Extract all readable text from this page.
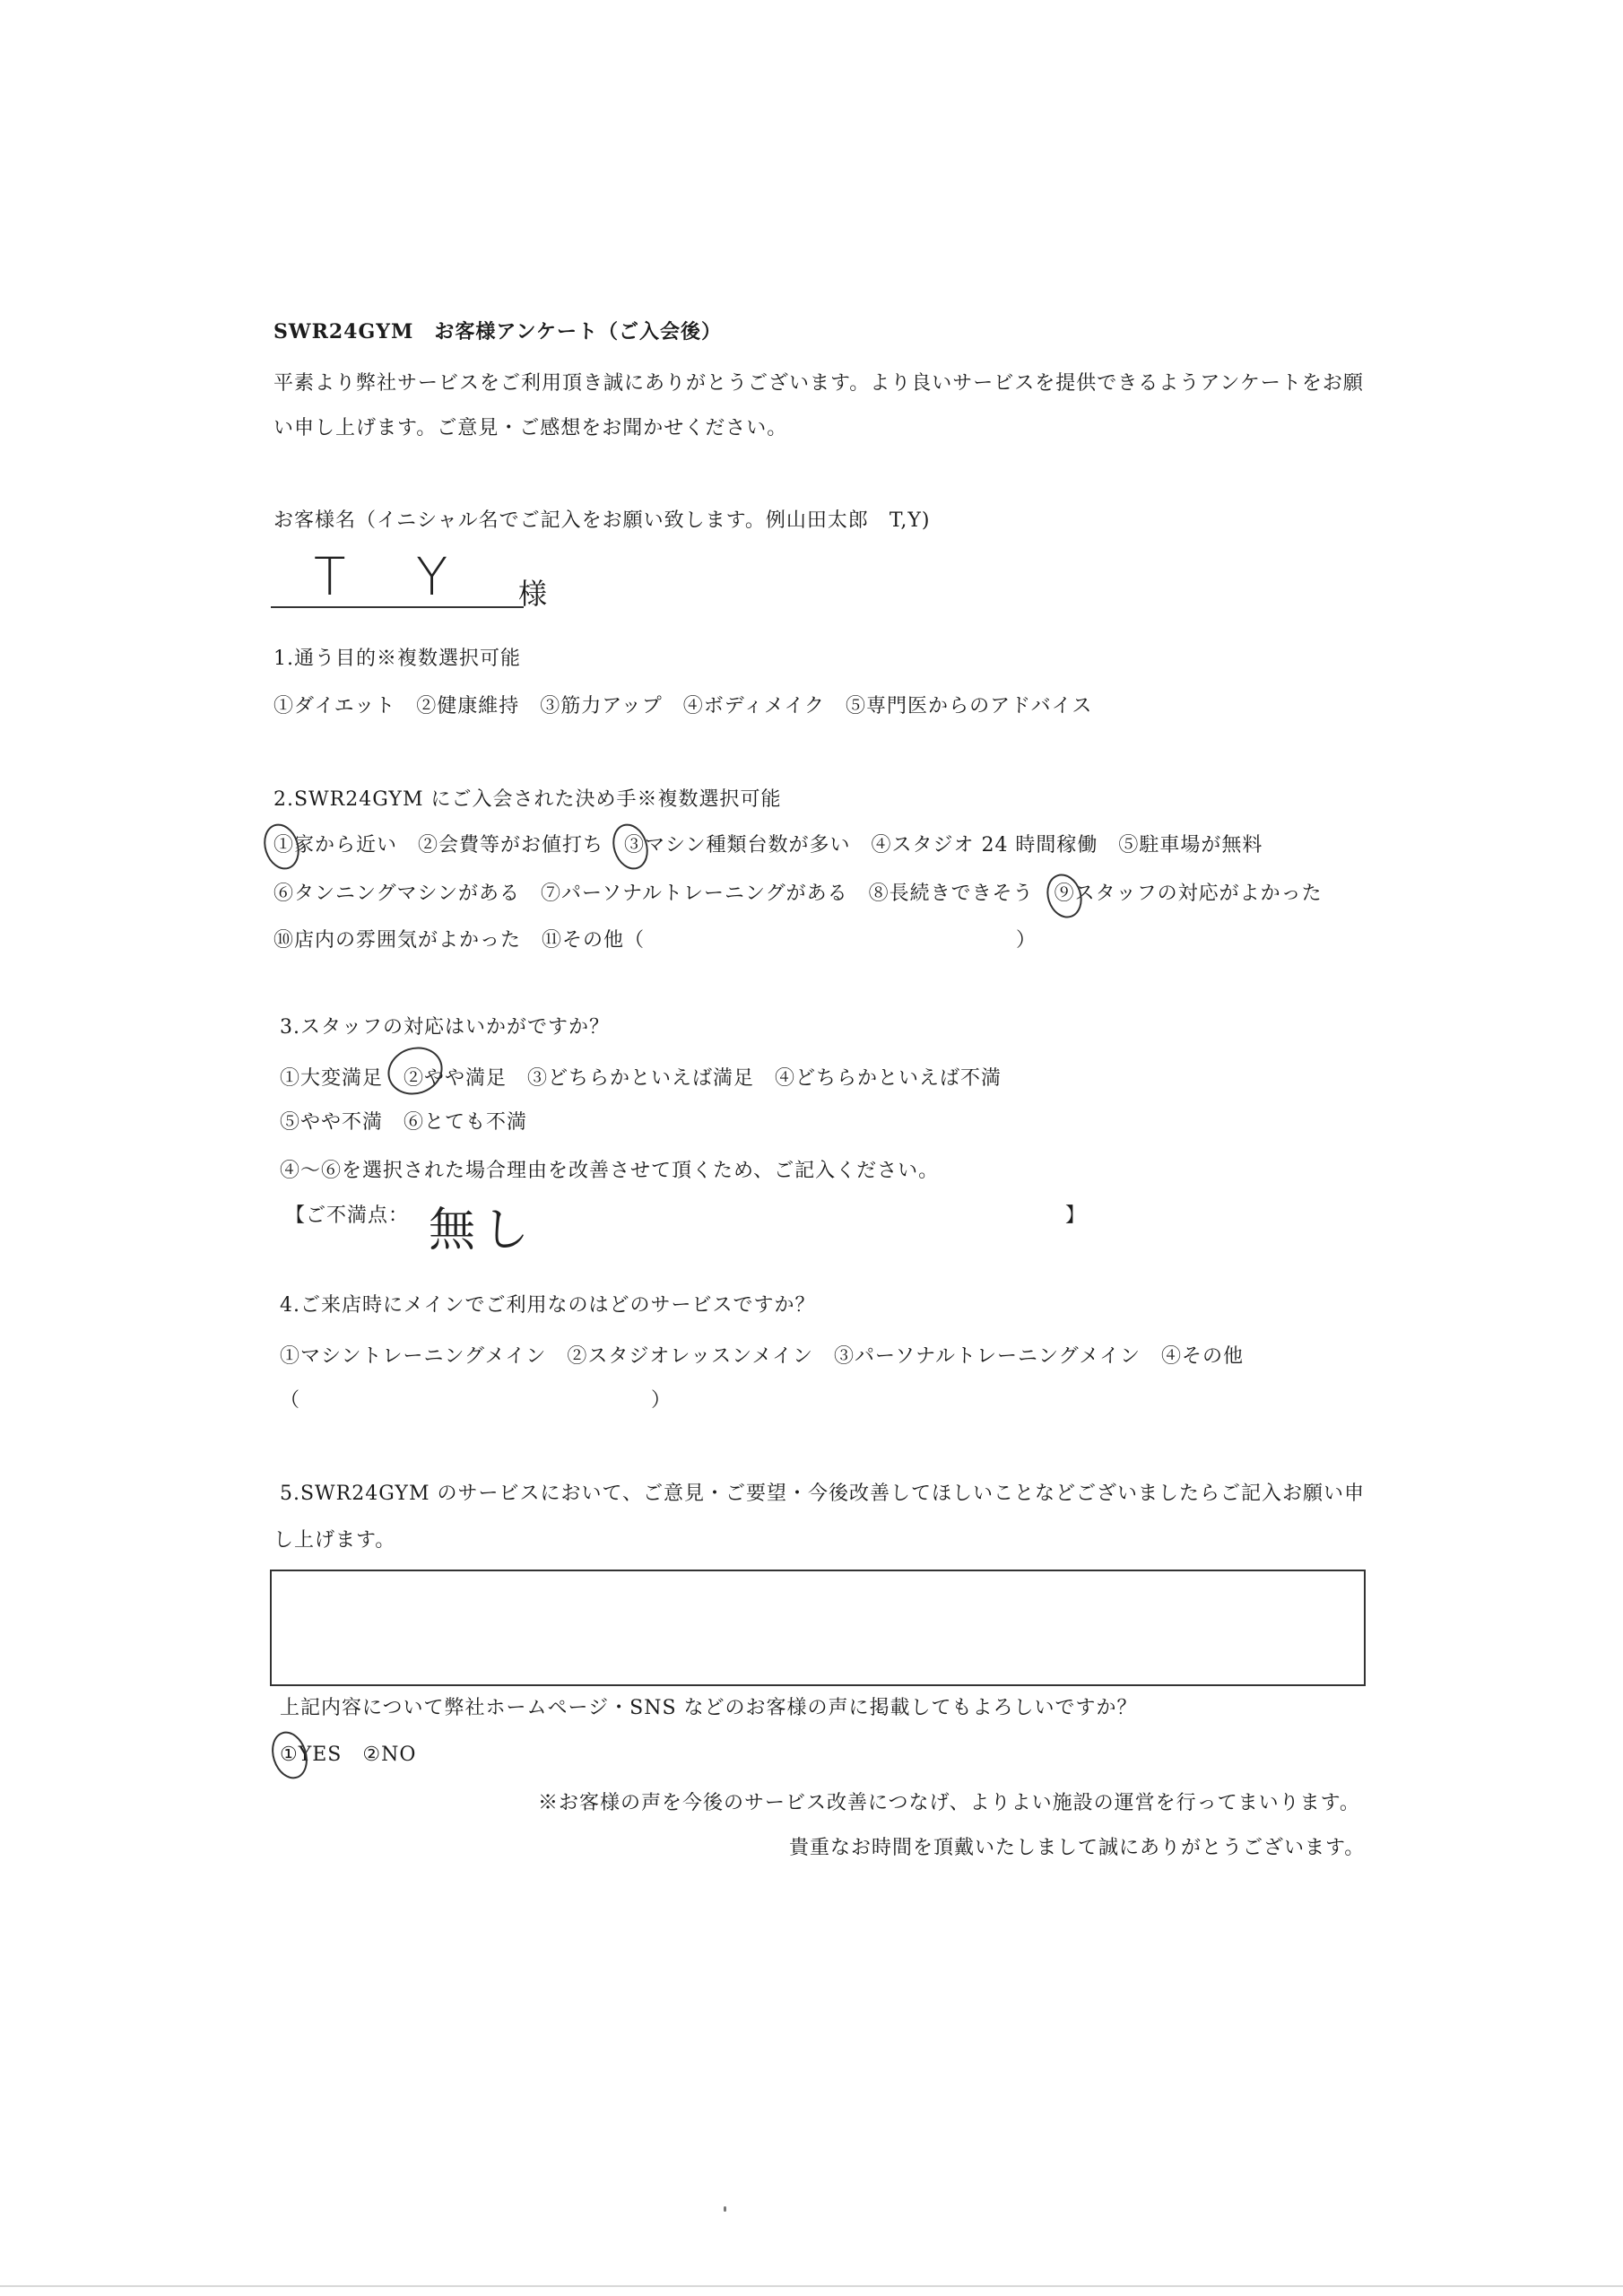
SWR24GYM　お客様アンケート（ご入会後）
平素より弊社サービスをご利用頂き誠にありがとうございます。より良いサービスを提供できるようアンケートをお願
い申し上げます。ご意見・ご感想をお聞かせください。
お客様名（イニシャル名でご記入をお願い致します。例山田太郎　T,Y)
T Y 様
1.通う目的※複数選択可能
①ダイエット　②健康維持　③筋力アップ　④ボディメイク　⑤専門医からのアドバイス
2.SWR24GYM にご入会された決め手※複数選択可能
①家から近い　②会費等がお値打ち　③マシン種類台数が多い　④スタジオ 24 時間稼働　⑤駐車場が無料
⑥タンニングマシンがある　⑦パーソナルトレーニングがある　⑧長続きできそう　⑨スタッフの対応がよかった
⑩店内の雰囲気がよかった　⑪その他（　　　　　　　　　　　　　　　　　　）
3.スタッフの対応はいかがですか？
①大変満足　②やや満足　③どちらかといえば満足　④どちらかといえば不満
⑤やや不満　⑥とても不満
④～⑥を選択された場合理由を改善させて頂くため、ご記入ください。
【ご不満点： 無し	】
4.ご来店時にメインでご利用なのはどのサービスですか？
①マシントレーニングメイン　②スタジオレッスンメイン　③パーソナルトレーニングメイン　④その他
（　　　　　　　　　　　　　　　　　）
5.SWR24GYM のサービスにおいて、ご意見・ご要望・今後改善してほしいことなどございましたらご記入お願い申
し上げます。
上記内容について弊社ホームページ・SNS などのお客様の声に掲載してもよろしいですか？
①YES　②NO
※お客様の声を今後のサービス改善につなげ、よりよい施設の運営を行ってまいります。
貴重なお時間を頂戴いたしまして誠にありがとうございます。
